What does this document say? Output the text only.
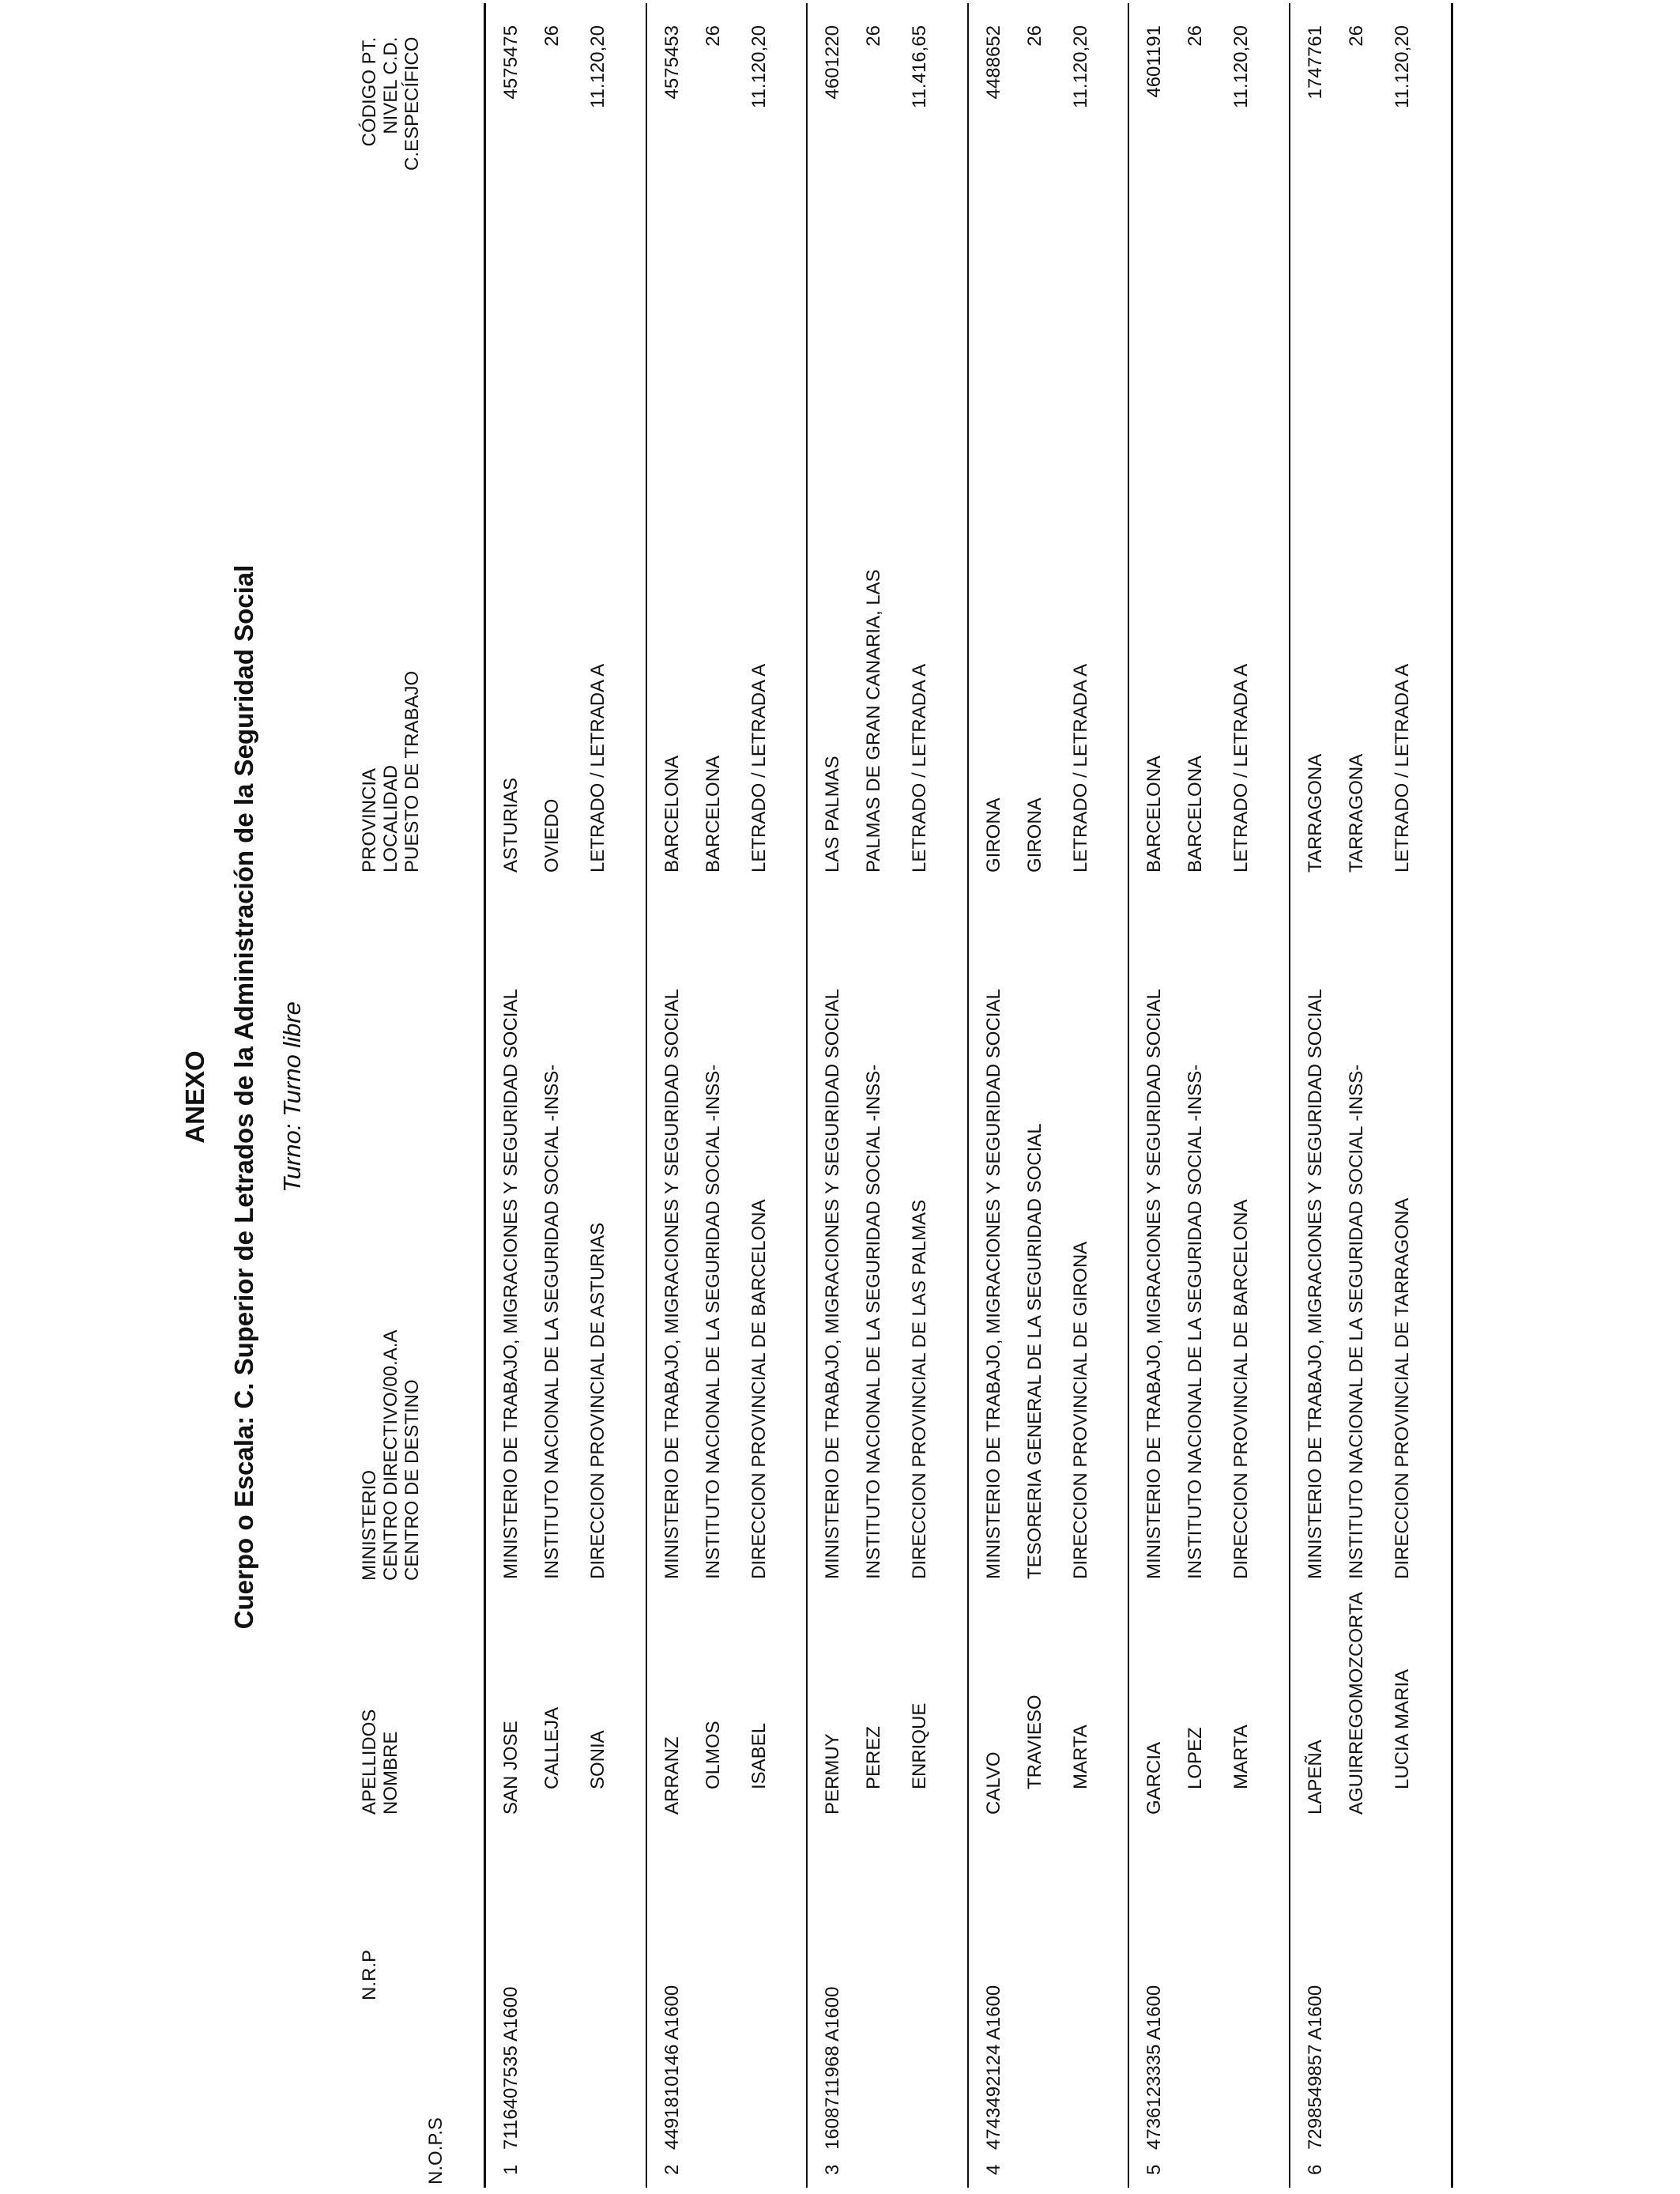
ANEXO Cuerpo o Escala: C. Superior de Letrados de la Administración de la Seguridad Social Turno: Turno libre
N.O.P.S
N.R.P
APELLIDOS NOMBRE
MINISTERIO CENTRO DIRECTIVO/00.A.A CENTRO DE DESTINO
PROVINCIA LOCALIDAD PUESTO DE TRABAJO
CÓDIGO PT. NIVEL C.D. C.ESPECÍFICO
1
7116407535 A1600
SAN JOSE CALLEJA SONIA
MINISTERIO DE TRABAJO, MIGRACIONES Y SEGURIDAD SOCIAL INSTITUTO NACIONAL DE LA SEGURIDAD SOCIAL -INSS- DIRECCION PROVINCIAL DE ASTURIAS
ASTURIAS OVIEDO LETRADO / LETRADA A
4575475 26 11.120,20
2
4491810146 A1600
ARRANZ OLMOS ISABEL
MINISTERIO DE TRABAJO, MIGRACIONES Y SEGURIDAD SOCIAL INSTITUTO NACIONAL DE LA SEGURIDAD SOCIAL -INSS- DIRECCION PROVINCIAL DE BARCELONA
BARCELONA BARCELONA LETRADO / LETRADA A
4575453 26 11.120,20
3
1608711968 A1600
PERMUY PEREZ ENRIQUE
MINISTERIO DE TRABAJO, MIGRACIONES Y SEGURIDAD SOCIAL INSTITUTO NACIONAL DE LA SEGURIDAD SOCIAL -INSS- DIRECCION PROVINCIAL DE LAS PALMAS
LAS PALMAS PALMAS DE GRAN CANARIA, LAS LETRADO / LETRADA A
4601220 26 11.416,65
4
4743492124 A1600
CALVO TRAVIESO MARTA
MINISTERIO DE TRABAJO, MIGRACIONES Y SEGURIDAD SOCIAL TESORERIA GENERAL DE LA SEGURIDAD SOCIAL DIRECCION PROVINCIAL DE GIRONA
GIRONA GIRONA LETRADO / LETRADA A
4488652 26 11.120,20
5
4736123335 A1600
GARCIA LOPEZ MARTA
MINISTERIO DE TRABAJO, MIGRACIONES Y SEGURIDAD SOCIAL INSTITUTO NACIONAL DE LA SEGURIDAD SOCIAL -INSS- DIRECCION PROVINCIAL DE BARCELONA
BARCELONA BARCELONA LETRADO / LETRADA A
4601191 26 11.120,20
6
7298549857 A1600
LAPEÑA AGUIRREGOMOZCORTA LUCIA MARIA
MINISTERIO DE TRABAJO, MIGRACIONES Y SEGURIDAD SOCIAL INSTITUTO NACIONAL DE LA SEGURIDAD SOCIAL -INSS- DIRECCION PROVINCIAL DE TARRAGONA
TARRAGONA TARRAGONA LETRADO / LETRADA A
1747761 26 11.120,20
